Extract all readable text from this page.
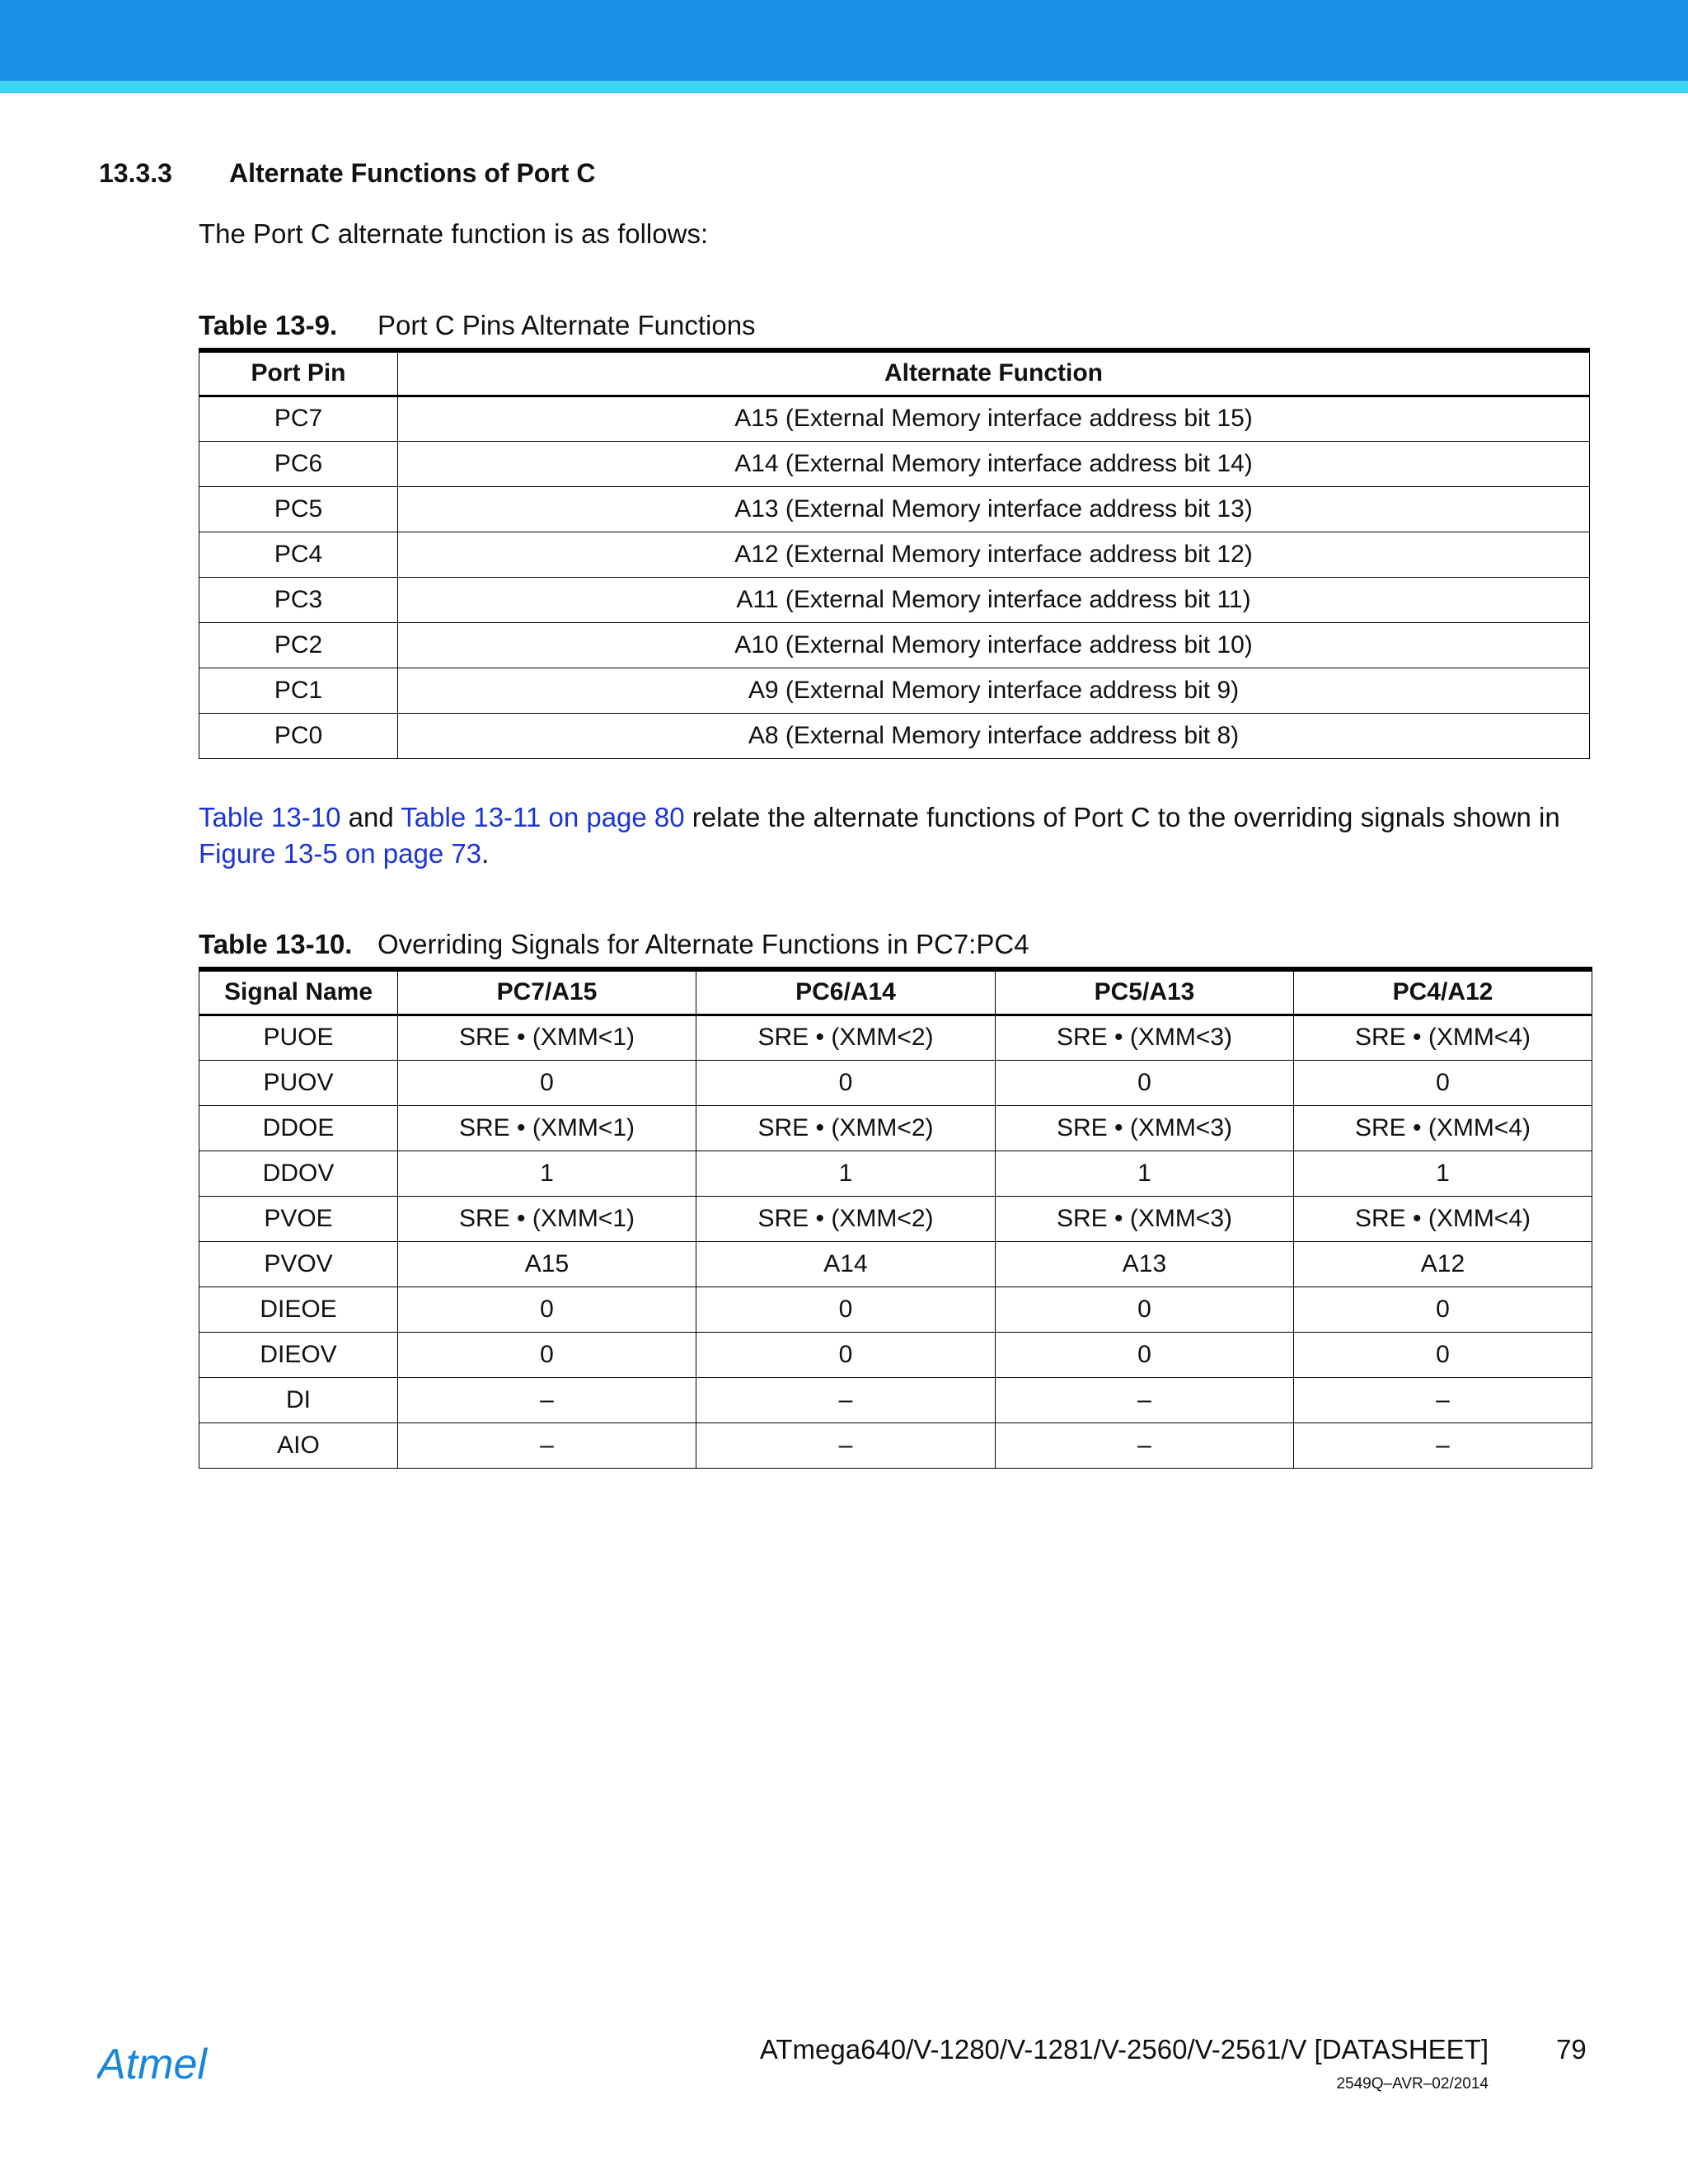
13.3.3 Alternate Functions of Port C
The Port C alternate function is as follows:
Table 13-9. Port C Pins Alternate Functions
Port Pin	Alternate Function
PC7	A15 (External Memory interface address bit 15)
PC6	A14 (External Memory interface address bit 14)
PC5	A13 (External Memory interface address bit 13)
PC4	A12 (External Memory interface address bit 12)
PC3	A11 (External Memory interface address bit 11)
PC2	A10 (External Memory interface address bit 10)
PC1	A9 (External Memory interface address bit 9)
PC0	A8 (External Memory interface address bit 8)
Table 13-10 and Table 13-11 on page 80 relate the alternate functions of Port C to the overriding signals shown in Figure 13-5 on page 73.
Table 13-10. Overriding Signals for Alternate Functions in PC7:PC4
Signal Name	PC7/A15	PC6/A14	PC5/A13	PC4/A12
PUOE	SRE • (XMM<1)	SRE • (XMM<2)	SRE • (XMM<3)	SRE • (XMM<4)
PUOV	0	0	0	0
DDOE	SRE • (XMM<1)	SRE • (XMM<2)	SRE • (XMM<3)	SRE • (XMM<4)
DDOV	1	1	1	1
PVOE	SRE • (XMM<1)	SRE • (XMM<2)	SRE • (XMM<3)	SRE • (XMM<4)
PVOV	A15	A14	A13	A12
DIEOE	0	0	0	0
DIEOV	0	0	0	0
DI	–	–	–	–
AIO	–	–	–	–
Atmel	ATmega640/V-1280/V-1281/V-2560/V-2561/V [DATASHEET] 79
2549Q–AVR–02/2014
